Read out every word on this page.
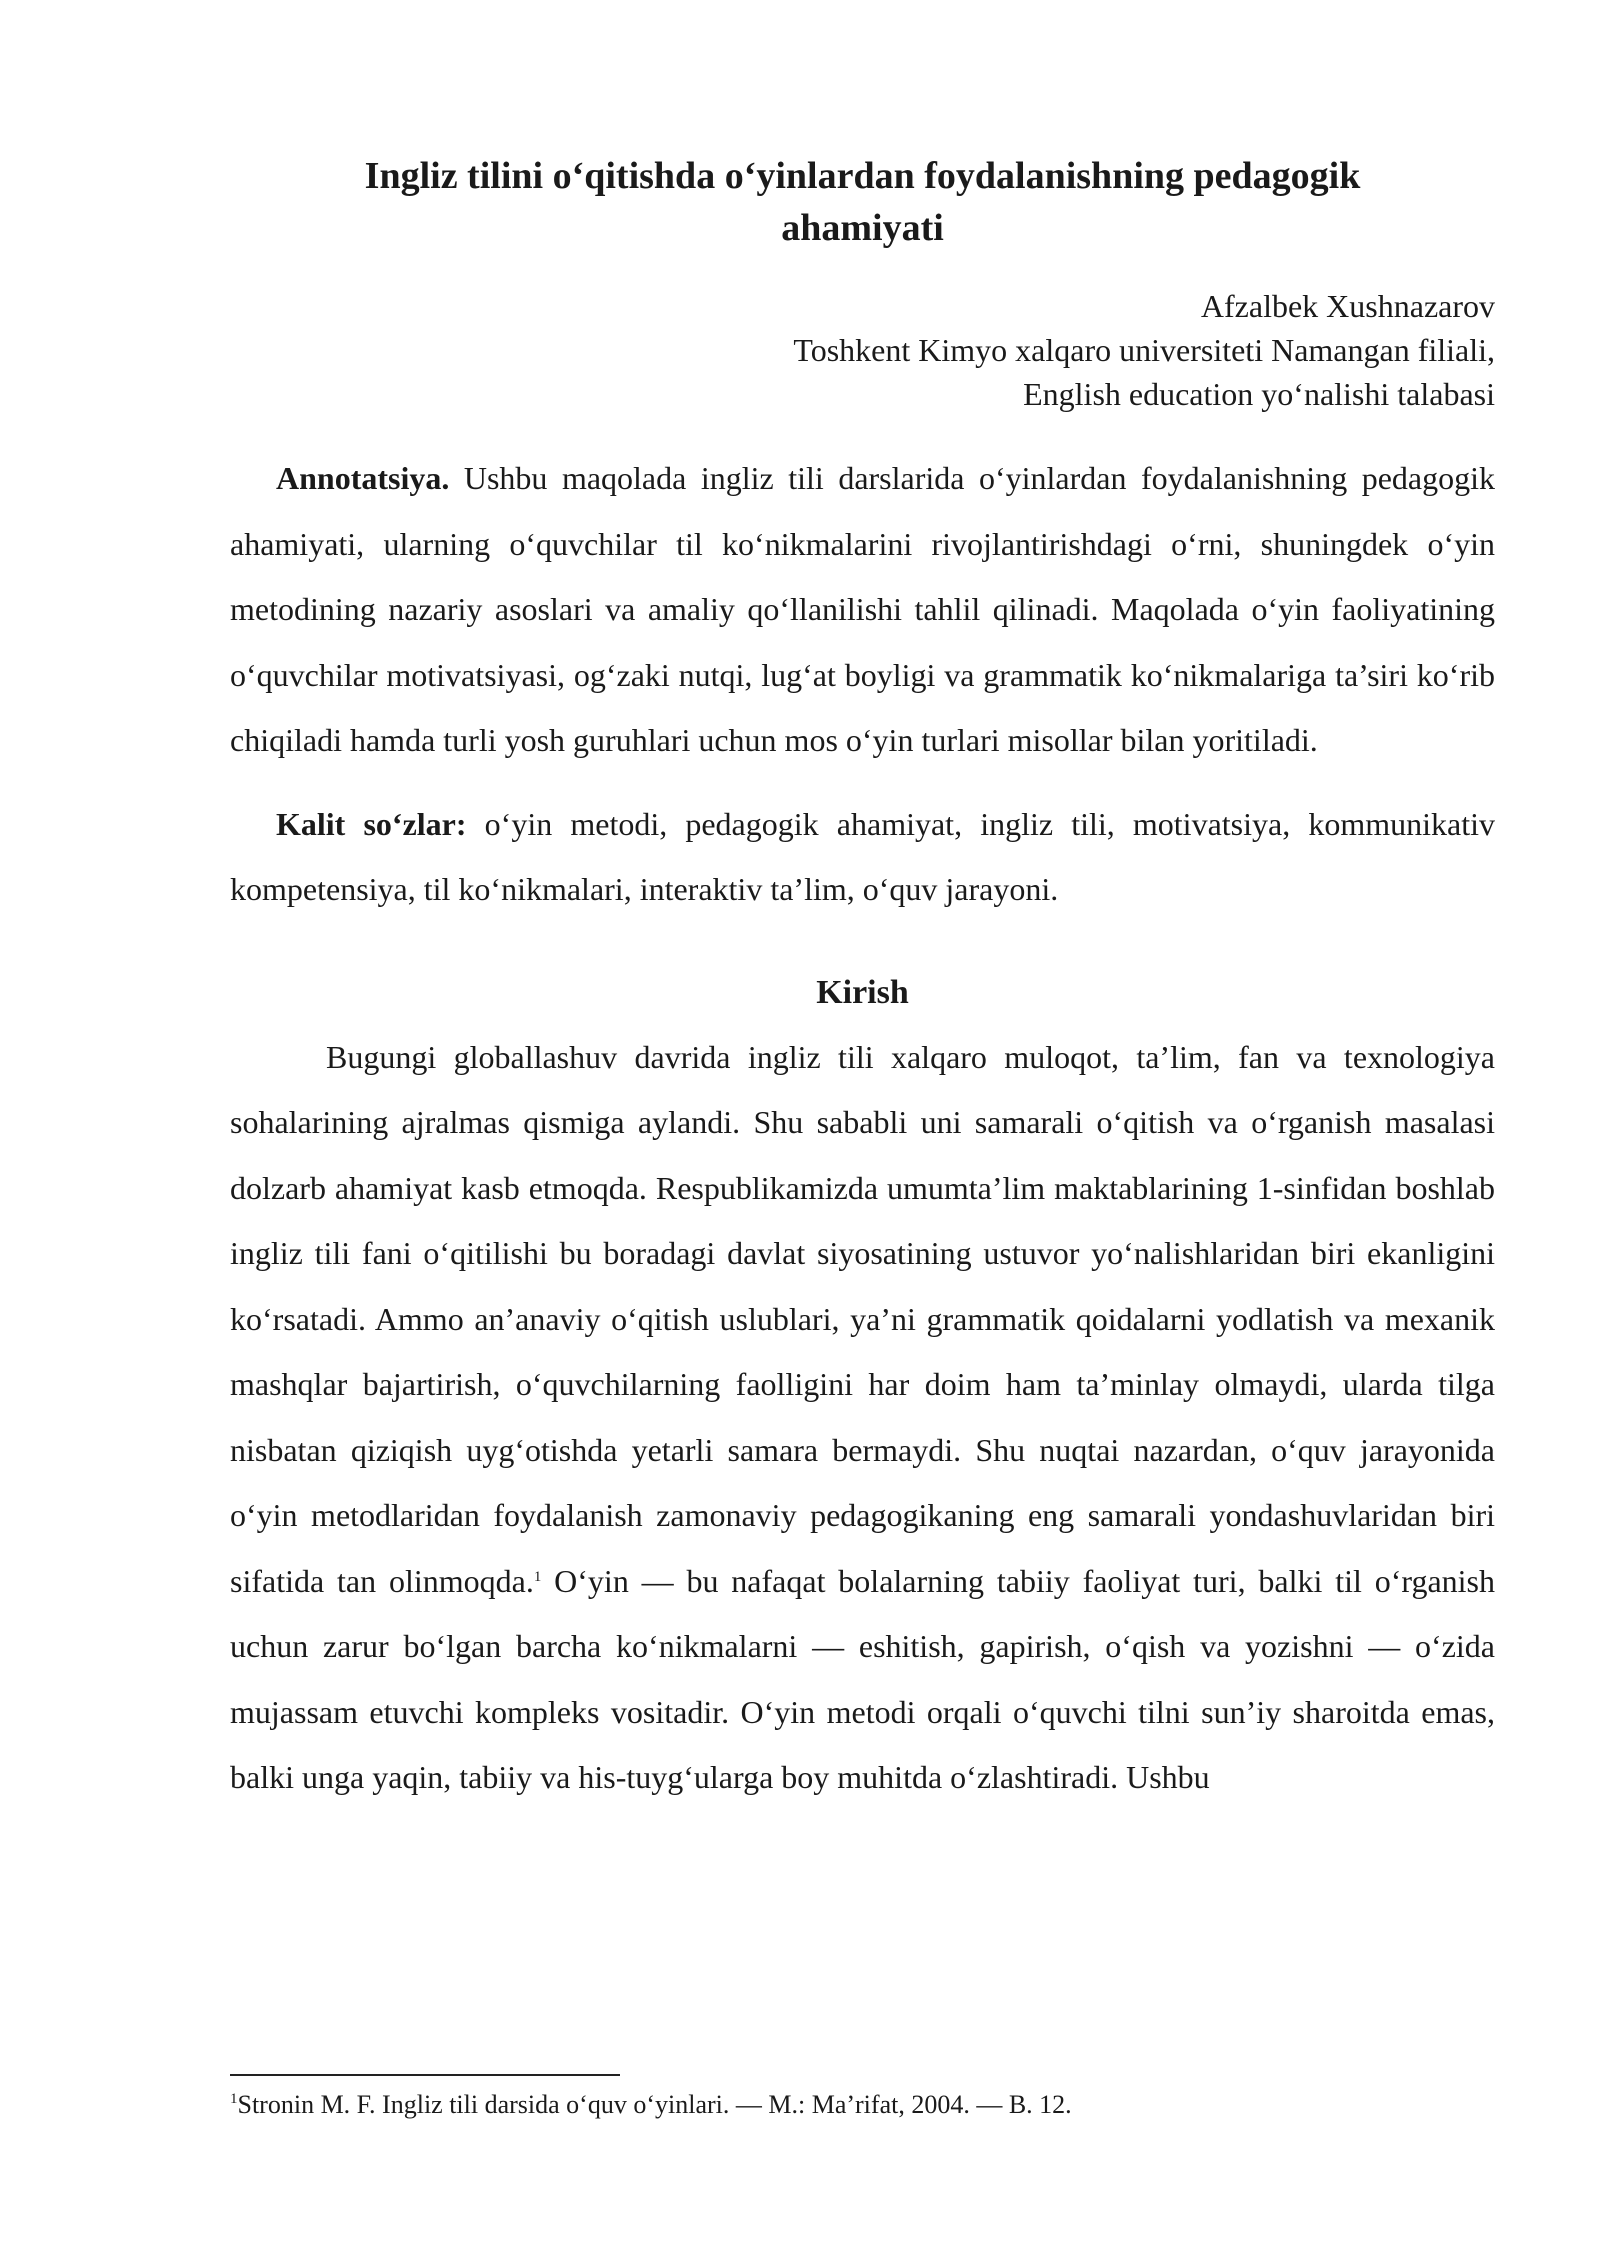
Ingliz tilini o‘qitishda o‘yinlardan foydalanishning pedagogik
ahamiyati
Afzalbek Xushnazarov
Toshkent Kimyo xalqaro universiteti Namangan filiali,
English education yo‘nalishi talabasi

Annotatsiya. Ushbu maqolada ingliz tili darslarida o‘yinlardan foydalanishning pedagogik ahamiyati, ularning o‘quvchilar til ko‘nikmalarini rivojlantirishdagi o‘rni, shuningdek o‘yin metodining nazariy asoslari va amaliy qo‘llanilishi tahlil qilinadi. Maqolada o‘yin faoliyatining o‘quvchilar motivatsiyasi, og‘zaki nutqi, lug‘at boyligi va grammatik ko‘nikmalariga ta’siri ko‘rib chiqiladi hamda turli yosh guruhlari uchun mos o‘yin turlari misollar bilan yoritiladi.

Kalit so‘zlar: o‘yin metodi, pedagogik ahamiyat, ingliz tili, motivatsiya, kommunikativ kompetensiya, til ko‘nikmalari, interaktiv ta’lim, o‘quv jarayoni.

Kirish

Bugungi globallashuv davrida ingliz tili xalqaro muloqot, ta’lim, fan va texnologiya sohalarining ajralmas qismiga aylandi. Shu sababli uni samarali o‘qitish va o‘rganish masalasi dolzarb ahamiyat kasb etmoqda. Respublikamizda umumta’lim maktablarining 1-sinfidan boshlab ingliz tili fani o‘qitilishi bu boradagi davlat siyosatining ustuvor yo‘nalishlaridan biri ekanligini ko‘rsatadi. Ammo an’anaviy o‘qitish uslublari, ya’ni grammatik qoidalarni yodlatish va mexanik mashqlar bajartirish, o‘quvchilarning faolligini har doim ham ta’minlay olmaydi, ularda tilga nisbatan qiziqish uyg‘otishda yetarli samara bermaydi. Shu nuqtai nazardan, o‘quv jarayonida o‘yin metodlaridan foydalanish zamonaviy pedagogikaning eng samarali yondashuvlaridan biri sifatida tan olinmoqda.$^1$ O‘yin — bu nafaqat bolalarning tabiiy faoliyat turi, balki til o‘rganish uchun zarur bo‘lgan barcha ko‘nikmalarni — eshitish, gapirish, o‘qish va yozishni — o‘zida mujassam etuvchi kompleks vositadir. O‘yin metodi orqali o‘quvchi tilni sun’iy sharoitda emas, balki unga yaqin, tabiiy va his-tuyg‘ularga boy muhitda o‘zlashtiradi. Ushbu

$^1$Stronin M. F. Ingliz tili darsida o‘quv o‘yinlari. — M.: Ma’rifat, 2004. — B. 12.
